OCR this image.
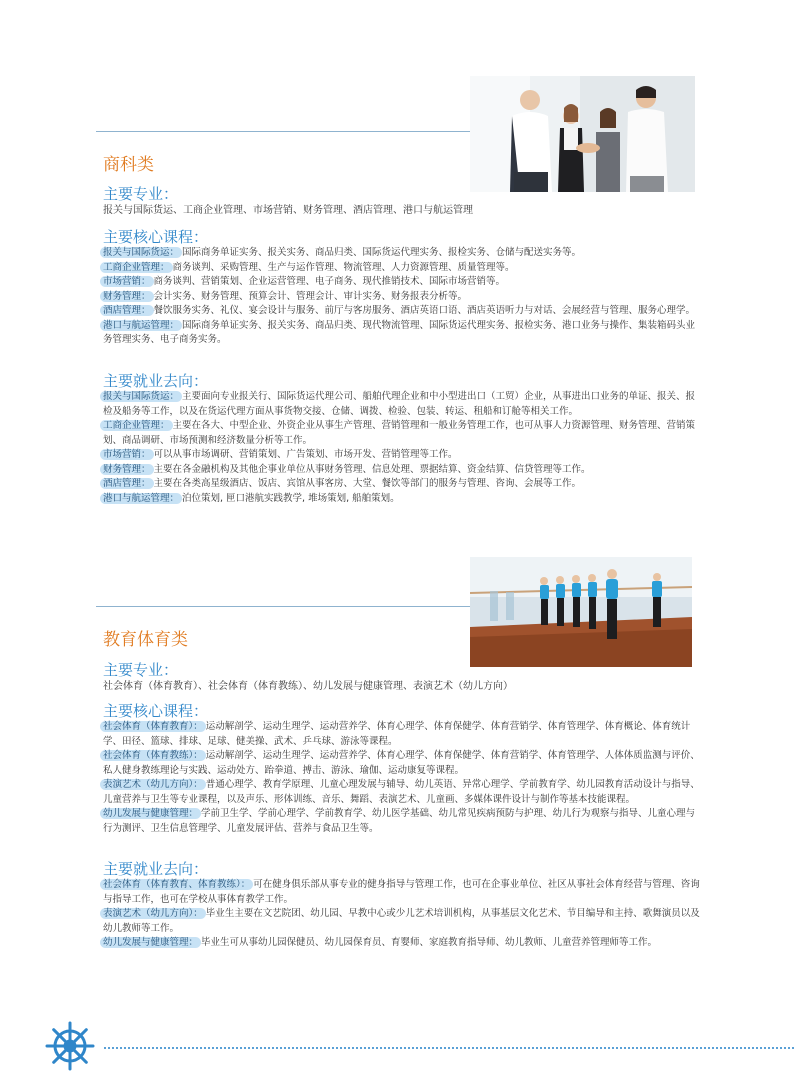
商科类
主要专业：
报关与国际货运、工商企业管理、市场营销、财务管理、酒店管理、港口与航运管理
主要核心课程：

报关与国际货运： 国际商务单证实务、报关实务、商品归类、国际货运代理实务、报检实务、仓储与配送实务等。

工商企业管理： 商务谈判、采购管理、生产与运作管理、物流管理、人力资源管理、质量管理等。

市场营销： 商务谈判、营销策划、企业运营管理、电子商务、现代推销技术、国际市场营销等。

财务管理： 会计实务、财务管理、预算会计、管理会计、审计实务、财务报表分析等。

酒店管理： 餐饮服务实务、礼仪、宴会设计与服务、前厅与客房服务、酒店英语口语、酒店英语听力与对话、会展经营与管理、服务心理学。

港口与航运管理： 国际商务单证实务、报关实务、商品归类、现代物流管理、国际货运代理实务、报检实务、港口业务与操作、集装箱码头业务管理实务、电子商务实务。

主要就业去向：

报关与国际货运： 主要面向专业报关行、国际货运代理公司、船舶代理企业和中小型进出口（工贸）企业，从事进出口业务的单证、报关、报检及船务等工作，以及在货运代理方面从事货物交接、仓储、调拨、检验、包装、转运、租船和订舱等相关工作。

工商企业管理： 主要在各大、中型企业、外资企业从事生产管理、营销管理和一般业务管理工作，也可从事人力资源管理、财务管理、营销策划、商品调研、市场预测和经济数量分析等工作。

市场营销： 可以从事市场调研、营销策划、广告策划、市场开发、营销管理等工作。

财务管理： 主要在各金融机构及其他企事业单位从事财务管理、信息处理、票据结算、资金结算、信贷管理等工作。

酒店管理： 主要在各类高星级酒店、饭店、宾馆从事客房、大堂、餐饮等部门的服务与管理、咨询、会展等工作。

港口与航运管理： 泊位策划, 匣口港航实践教学, 堆场策划, 船舶策划。

教育体育类
主要专业：
社会体育（体育教育）、社会体育（体育教练）、幼儿发展与健康管理、表演艺术（幼儿方向）
主要核心课程：

社会体育（体育教育）： 运动解剖学、运动生理学、运动营养学、体育心理学、体育保健学、体育营销学、体育管理学、体育概论、体育统计学、田径、篮球、排球、足球、健美操、武术、乒乓球、游泳等课程。

社会体育（体育教练）： 运动解剖学、运动生理学、运动营养学、体育心理学、体育保健学、体育营销学、体育管理学、人体体质监测与评价、私人健身教练理论与实践、运动处方、跆拳道、搏击、游泳、瑜伽、运动康复等课程。

表演艺术（幼儿方向）： 普通心理学、教育学原理、儿童心理发展与辅导、幼儿英语、异常心理学、学前教育学、幼儿园教育活动设计与指导、儿童营养与卫生等专业课程，以及声乐、形体训练、音乐、舞蹈、表演艺术、儿童画、多媒体课件设计与制作等基本技能课程。

幼儿发展与健康管理： 学前卫生学、学前心理学、学前教育学、幼儿医学基础、幼儿常见疾病预防与护理、幼儿行为观察与指导、儿童心理与行为测评、卫生信息管理学、儿童发展评估、营养与食品卫生等。

主要就业去向：

社会体育（体育教育、体育教练）： 可在健身俱乐部从事专业的健身指导与管理工作，也可在企事业单位、社区从事社会体育经营与管理、咨询与指导工作，也可在学校从事体育教学工作。

表演艺术（幼儿方向）： 毕业生主要在文艺院团、幼儿园、早教中心或少儿艺术培训机构，从事基层文化艺术、节目编导和主持、歌舞演员以及幼儿教师等工作。

幼儿发展与健康管理： 毕业生可从事幼儿园保健员、幼儿园保育员、育婴师、家庭教育指导师、幼儿教师、儿童营养管理师等工作。
